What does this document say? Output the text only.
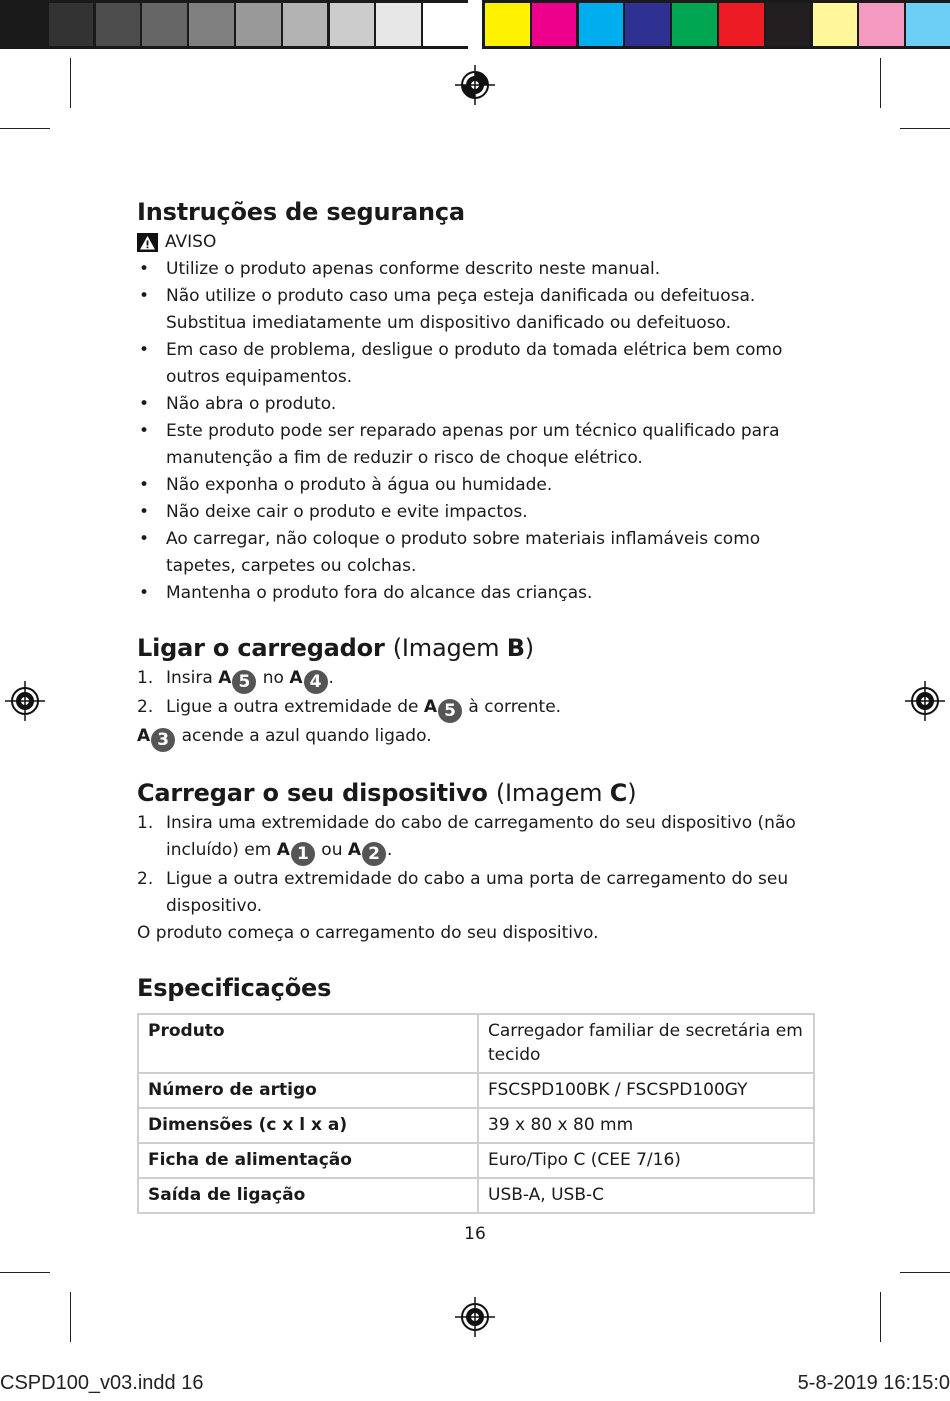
Instruções de segurança
AVISO
• Utilize o produto apenas conforme descrito neste manual.
• Não utilize o produto caso uma peça esteja danificada ou defeituosa. Substitua imediatamente um dispositivo danificado ou defeituoso.
• Em caso de problema, desligue o produto da tomada elétrica bem como outros equipamentos.
• Não abra o produto.
• Este produto pode ser reparado apenas por um técnico qualificado para manutenção a fim de reduzir o risco de choque elétrico.
• Não exponha o produto à água ou humidade.
• Não deixe cair o produto e evite impactos.
• Ao carregar, não coloque o produto sobre materiais inflamáveis como tapetes, carpetes ou colchas.
• Mantenha o produto fora do alcance das crianças.
Ligar o carregador (Imagem B)
1. Insira A 5 no A 4 .
2. Ligue a outra extremidade de A 5 à corrente.

A 3 acende a azul quando ligado.

Carregar o seu dispositivo (Imagem C)
1. Insira uma extremidade do cabo de carregamento do seu dispositivo (não incluído) em A 1 ou A 2 .
2. Ligue a outra extremidade do cabo a uma porta de carregamento do seu dispositivo.

O produto começa o carregamento do seu dispositivo.

Especificações
Produto	Carregador familiar de secretária em tecido
Número de artigo	FSCSPD100BK / FSCSPD100GY
Dimensões (c x l x a)	39 x 80 x 80 mm
Ficha de alimentação	Euro/Tipo C (CEE 7/16)
Saída de ligação	USB-A, USB-C
16
CSPD100_v03.indd 16	5-8-2019 16:15:0
